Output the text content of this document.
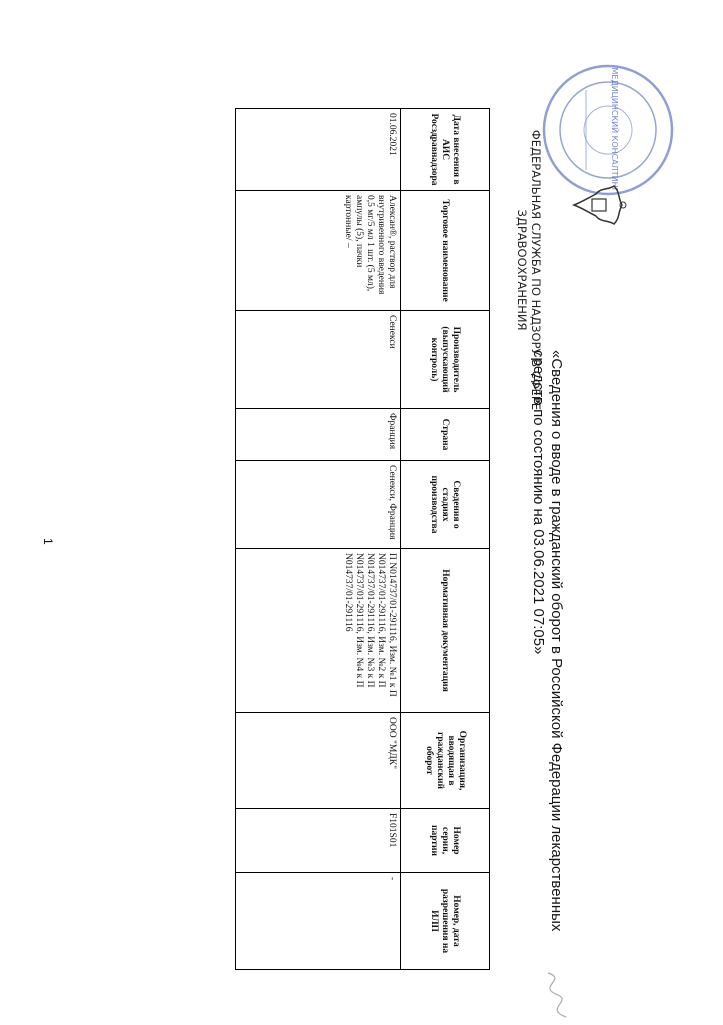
МЕДИЦИНСКИЙ КОНСАЛТИНГ
«Сведения о вводе в гражданский оборот в Российской Федерации лекарственных средств по состоянию на 03.06.2021 07:05»
ФЕДЕРАЛЬНАЯ СЛУЖБА ПО НАДЗОРУ В СФЕРЕ ЗДРАВООХРАНЕНИЯ
Дата внесения в АИС Росздравнадзора	Торговое наименование	Производитель (выпускающий контроль)	Страна	Сведения о стадиях производства	Нормативная документация	Организация, вводящая в гражданский оборот	Номер серии, партии	Номер, дата разрешения на ИЛП
01.06.2021	Алексан®, раствор для внутривенного введения 0,5 мг/5 мл 1 шт. (5 мл), ампулы (5), пачки картонные/ –	Сенекси	Франция	Сенекси, Франция	П N014737/01-291116, Изм. №1 к П N014737/01-291116, Изм. №2 к П N014737/01-291116, Изм. №3 к П N014737/01-291116, Изм. №4 к П N014737/01-291116	ООО "МДК"	F101S01	-
1
